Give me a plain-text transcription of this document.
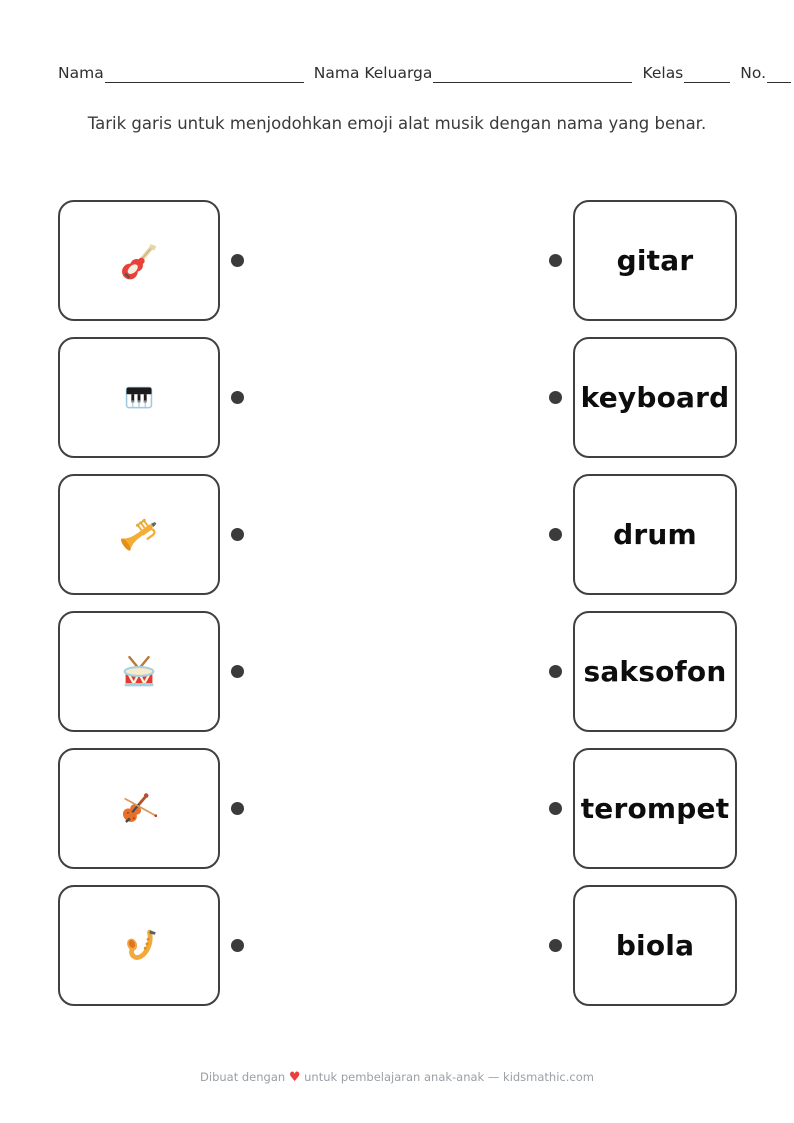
Nama	Nama Keluarga	Kelas	No.

Tarik garis untuk menjodohkan emoji alat musik dengan nama yang benar.

gitar
keyboard
drum
saksofon
terompet
biola
Dibuat dengan ♥ untuk pembelajaran anak-anak — kidsmathic.com
